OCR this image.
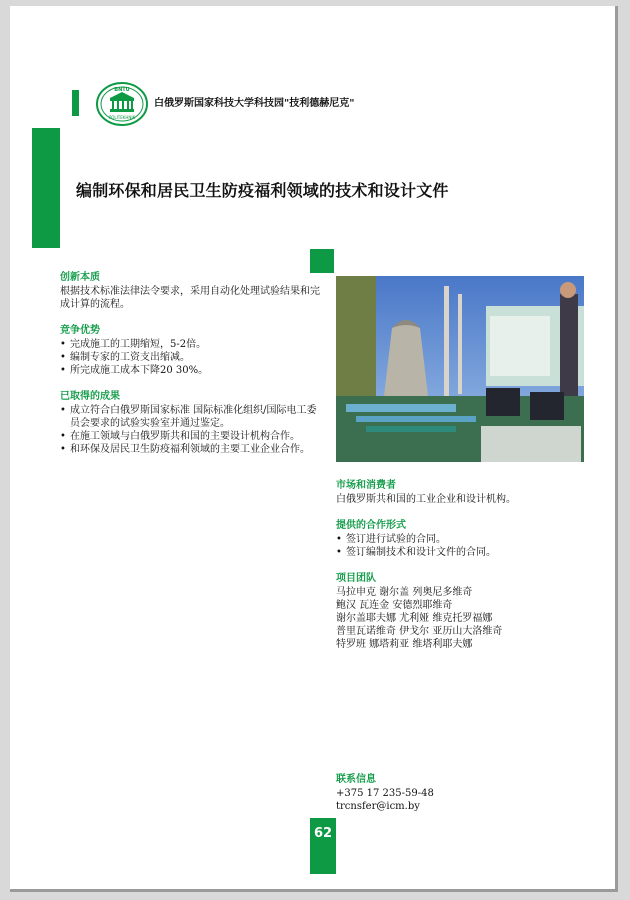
BNTU
POLITEKHNIK
白俄罗斯国家科技大学科技园"技利德赫尼克"
编制环保和居民卫生防疫福利领域的技术和设计文件
创新本质

根据技术标准法律法令要求，采用自动化处理试验结果和完成计算的流程。

竞争优势
• 完成施工的工期缩短，5-2倍。
• 编制专家的工资支出缩减。
• 所完成施工成本下降20 30%。
已取得的成果
• 成立符合白俄罗斯国家标准 国际标准化组织/国际电工委员会要求的试验实验室并通过鉴定。
• 在施工领域与白俄罗斯共和国的主要设计机构合作。
• 和环保及居民卫生防疫福利领域的主要工业企业合作。
市场和消费者

白俄罗斯共和国的工业企业和设计机构。

提供的合作形式
• 签订进行试验的合同。
• 签订编制技术和设计文件的合同。
项目团队

马拉申克 谢尔盖 列奥尼多维奇

鲍汉 瓦连金 安德烈耶维奇

谢尔盖耶夫娜 尤利娅 维克托罗福娜

普里瓦诺维奇 伊戈尔 亚历山大洛维奇

特罗班 娜塔莉亚 维塔利耶夫娜

联系信息

+375 17 235-59-48

trcnsfer@icm.by

62
